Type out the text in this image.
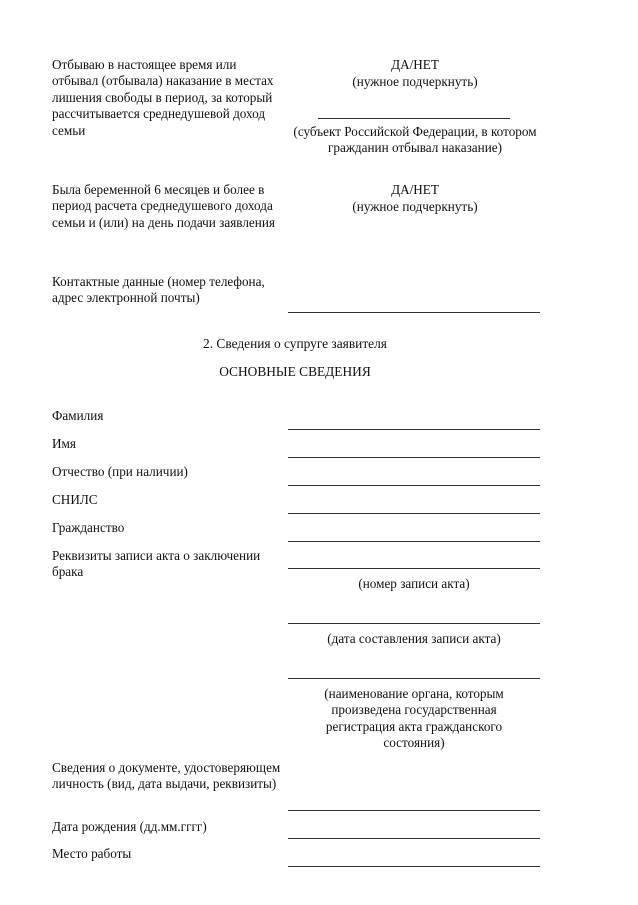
Отбываю в настоящее время или отбывал (отбывала) наказание в местах лишения свободы в период, за который рассчитывается среднедушевой доход семьи
ДА/НЕТ
(нужное подчеркнуть)
(субъект Российской Федерации, в котором гражданин отбывал наказание)
Была беременной 6 месяцев и более в период расчета среднедушевого дохода семьи и (или) на день подачи заявления
ДА/НЕТ
(нужное подчеркнуть)
Контактные данные (номер телефона, адрес электронной почты)
2. Сведения о супруге заявителя
ОСНОВНЫЕ СВЕДЕНИЯ
Фамилия
Имя
Отчество (при наличии)
СНИЛС
Гражданство
Реквизиты записи акта о заключении брака
(номер записи акта)
(дата составления записи акта)
(наименование органа, которым произведена государственная регистрация акта гражданского состояния)
Сведения о документе, удостоверяющем личность (вид, дата выдачи, реквизиты)
Дата рождения (дд.мм.гггг)
Место работы
